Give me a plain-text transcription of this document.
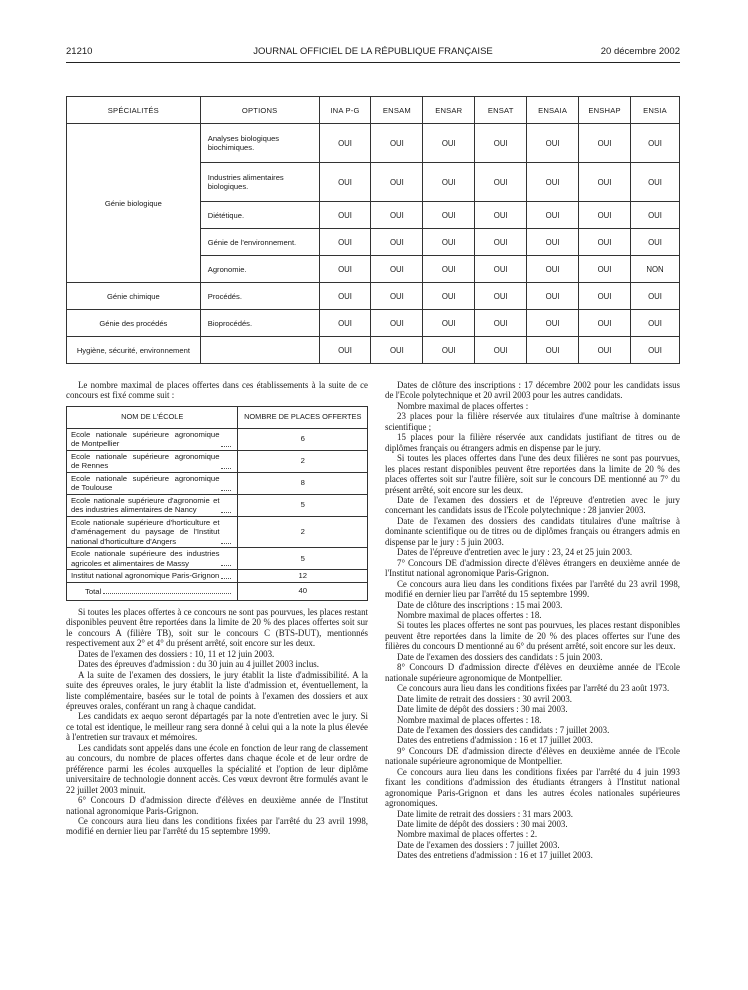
21210	JOURNAL OFFICIEL DE LA RÉPUBLIQUE FRANÇAISE	20 décembre 2002
SPÉCIALITÉS	OPTIONS	INA P-G	ENSAM	ENSAR	ENSAT	ENSAIA	ENSHAP	ENSIA
Génie biologique	Analyses biologiques biochimiques.	OUI	OUI	OUI	OUI	OUI	OUI	OUI
	Industries alimentaires biologiques.	OUI	OUI	OUI	OUI	OUI	OUI	OUI
	Diététique.	OUI	OUI	OUI	OUI	OUI	OUI	OUI
	Génie de l'environnement.	OUI	OUI	OUI	OUI	OUI	OUI	OUI
	Agronomie.	OUI	OUI	OUI	OUI	OUI	OUI	NON
Génie chimique	Procédés.	OUI	OUI	OUI	OUI	OUI	OUI	OUI
Génie des procédés	Bioprocédés.	OUI	OUI	OUI	OUI	OUI	OUI	OUI
Hygiène, sécurité, environnement		OUI	OUI	OUI	OUI	OUI	OUI	OUI

Le nombre maximal de places offertes dans ces établissements à la suite de ce concours est fixé comme suit :

NOM DE L'ÉCOLE	NOMBRE DE PLACES OFFERTES

Ecole nationale supérieure agronomique de Montpellier	6

Ecole nationale supérieure agronomique de Rennes	2

Ecole nationale supérieure agronomique de Toulouse	8

Ecole nationale supérieure d'agronomie et des industries alimentaires de Nancy	5

Ecole nationale supérieure d'horticulture et d'aménagement du paysage de l'Institut national d'horticulture d'Angers	2

Ecole nationale supérieure des industries agricoles et alimentaires de Massy	5

Institut national agronomique Paris-Grignon	12

Total	40

Si toutes les places offertes à ce concours ne sont pas pourvues, les places restant disponibles peuvent être reportées dans la limite de 20 % des places offertes soit sur le concours A (filière TB), soit sur le concours C (BTS-DUT), mentionnés respectivement aux 2° et 4° du présent arrêté, soit encore sur les deux.

Dates de l'examen des dossiers : 10, 11 et 12 juin 2003.

Dates des épreuves d'admission : du 30 juin au 4 juillet 2003 inclus.

A la suite de l'examen des dossiers, le jury établit la liste d'admissibilité. A la suite des épreuves orales, le jury établit la liste d'admission et, éventuellement, la liste complémentaire, basées sur le total de points à l'examen des dossiers et aux épreuves orales, conférant un rang à chaque candidat.

Les candidats ex aequo seront départagés par la note d'entretien avec le jury. Si ce total est identique, le meilleur rang sera donné à celui qui a la note la plus élevée à l'entretien sur travaux et mémoires.

Les candidats sont appelés dans une école en fonction de leur rang de classement au concours, du nombre de places offertes dans chaque école et de leur ordre de préférence parmi les écoles auxquelles la spécialité et l'option de leur diplôme universitaire de technologie donnent accès. Ces vœux devront être formulés avant le 22 juillet 2003 minuit.

6° Concours D d'admission directe d'élèves en deuxième année de l'Institut national agronomique Paris-Grignon.

Ce concours aura lieu dans les conditions fixées par l'arrêté du 23 avril 1998, modifié en dernier lieu par l'arrêté du 15 septembre 1999.

Dates de clôture des inscriptions : 17 décembre 2002 pour les candidats issus de l'Ecole polytechnique et 20 avril 2003 pour les autres candidats.

Nombre maximal de places offertes :

23 places pour la filière réservée aux titulaires d'une maîtrise à dominante scientifique ;

15 places pour la filière réservée aux candidats justifiant de titres ou de diplômes français ou étrangers admis en dispense par le jury.

Si toutes les places offertes dans l'une des deux filières ne sont pas pourvues, les places restant disponibles peuvent être reportées dans la limite de 20 % des places offertes soit sur l'autre filière, soit sur le concours DE mentionné au 7° du présent arrêté, soit encore sur les deux.

Date de l'examen des dossiers et de l'épreuve d'entretien avec le jury concernant les candidats issus de l'Ecole polytechnique : 28 janvier 2003.

Date de l'examen des dossiers des candidats titulaires d'une maîtrise à dominante scientifique ou de titres ou de diplômes français ou étrangers admis en dispense par le jury : 5 juin 2003.

Dates de l'épreuve d'entretien avec le jury : 23, 24 et 25 juin 2003.

7° Concours DE d'admission directe d'élèves étrangers en deuxième année de l'Institut national agronomique Paris-Grignon.

Ce concours aura lieu dans les conditions fixées par l'arrêté du 23 avril 1998, modifié en dernier lieu par l'arrêté du 15 septembre 1999.

Date de clôture des inscriptions : 15 mai 2003.

Nombre maximal de places offertes : 18.

Si toutes les places offertes ne sont pas pourvues, les places restant disponibles peuvent être reportées dans la limite de 20 % des places offertes sur l'une des filières du concours D mentionné au 6° du présent arrêté, soit encore sur les deux.

Date de l'examen des dossiers des candidats : 5 juin 2003.

8° Concours D d'admission directe d'élèves en deuxième année de l'Ecole nationale supérieure agronomique de Montpellier.

Ce concours aura lieu dans les conditions fixées par l'arrêté du 23 août 1973.

Date limite de retrait des dossiers : 30 avril 2003.

Date limite de dépôt des dossiers : 30 mai 2003.

Nombre maximal de places offertes : 18.

Date de l'examen des dossiers des candidats : 7 juillet 2003.

Dates des entretiens d'admission : 16 et 17 juillet 2003.

9° Concours DE d'admission directe d'élèves en deuxième année de l'Ecole nationale supérieure agronomique de Montpellier.

Ce concours aura lieu dans les conditions fixées par l'arrêté du 4 juin 1993 fixant les conditions d'admission des étudiants étrangers à l'Institut national agronomique Paris-Grignon et dans les autres écoles nationales supérieures agronomiques.

Date limite de retrait des dossiers : 31 mars 2003.

Date limite de dépôt des dossiers : 30 mai 2003.

Nombre maximal de places offertes : 2.

Date de l'examen des dossiers : 7 juillet 2003.

Dates des entretiens d'admission : 16 et 17 juillet 2003.
